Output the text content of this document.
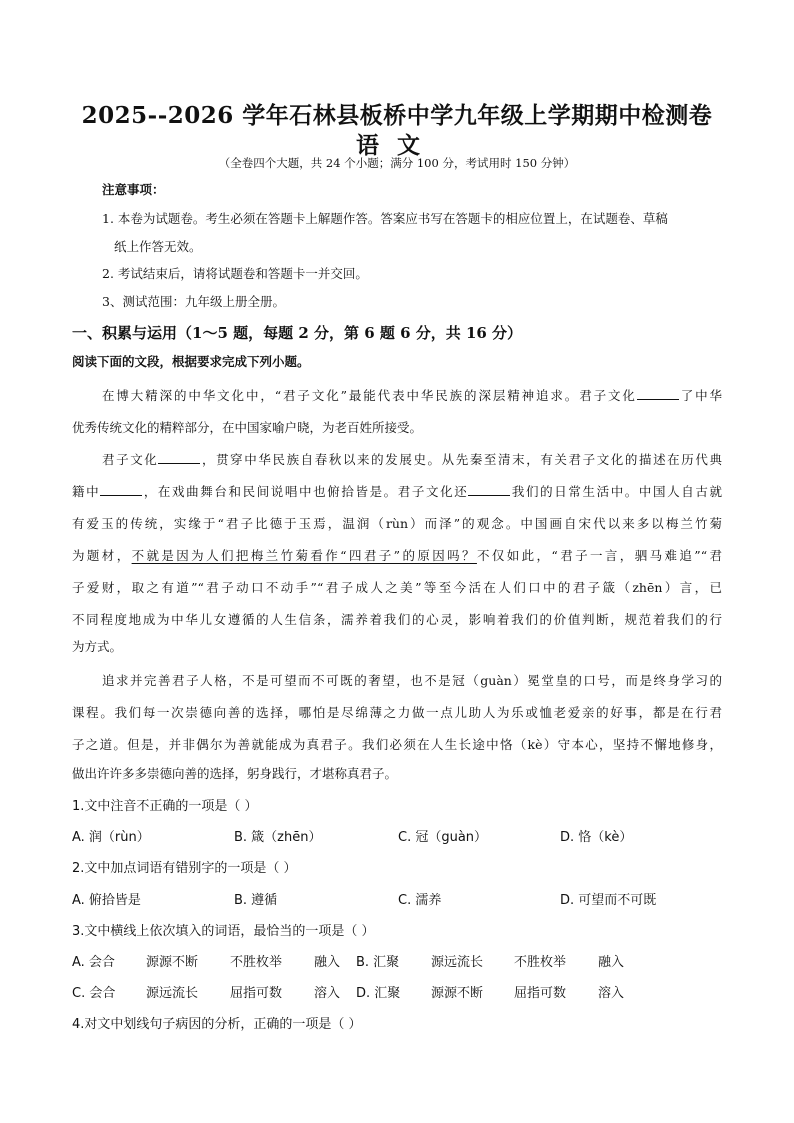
2025--2026 学年石林县板桥中学九年级上学期期中检测卷
语文
（全卷四个大题，共 24 个小题；满分 100 分，考试用时 150 分钟）
注意事项：
1. 本卷为试题卷。考生必须在答题卡上解题作答。答案应书写在答题卡的相应位置上，在试题卷、草稿
纸上作答无效。
2. 考试结束后，请将试题卷和答题卡一并交回。
3、测试范围：九年级上册全册。
一、积累与运用（1～5 题，每题 2 分，第 6 题 6 分，共 16 分）
阅读下面的文段，根据要求完成下列小题。
在博大精深的中华文化中，“君子文化”最能代表中华民族的深层精神追求。君子文化	了中华
优秀传统文化的精粹部分，在中国家喻户晓，为老百姓所接受。
君子文化	，贯穿中华民族自春秋以来的发展史。从先秦至清末，有关君子文化的描述在历代典
籍中	，在戏曲舞台和民间说唱中也俯拾皆是。君子文化还	我们的日常生活中。中国人自古就
有爱玉的传统，实缘于“君子比德于玉焉，温润（rùn）而泽”的观念。中国画自宋代以来多以梅兰竹菊
为题材，不就是因为人们把梅兰竹菊看作“四君子”的原因吗？不仅如此，“君子一言，驷马难追”“君
子爱财，取之有道”“君子动口不动手”“君子成人之美”等至今活在人们口中的君子箴（zhēn）言，已
不同程度地成为中华儿女遵循的人生信条，濡养着我们的心灵，影响着我们的价值判断，规范着我们的行
为方式。
追求并完善君子人格，不是可望而不可既的奢望，也不是冠（guàn）冕堂皇的口号，而是终身学习的
课程。我们每一次崇德向善的选择，哪怕是尽绵薄之力做一点儿助人为乐或恤老爱亲的好事，都是在行君
子之道。但是，并非偶尔为善就能成为真君子。我们必须在人生长途中恪（kè）守本心，坚持不懈地修身，
做出许许多多崇德向善的选择，躬身践行，才堪称真君子。
1.文中注音不正确的一项是（ ）
A. 润（rùn）	B. 箴（zhēn）	C. 冠（guàn）	D. 恪（kè）
2.文中加点词语有错别字的一项是（ ）
A. 俯拾皆是	B. 遵循	C. 濡养	D. 可望而不可既
3.文中横线上依次填入的词语，最恰当的一项是（ ）
A. 会合 源源不断 不胜枚举 融入 B. 汇聚 源远流长 不胜枚举 融入
C. 会合 源远流长 屈指可数 溶入 D. 汇聚 源源不断 屈指可数 溶入
4.对文中划线句子病因的分析，正确的一项是（ ）
